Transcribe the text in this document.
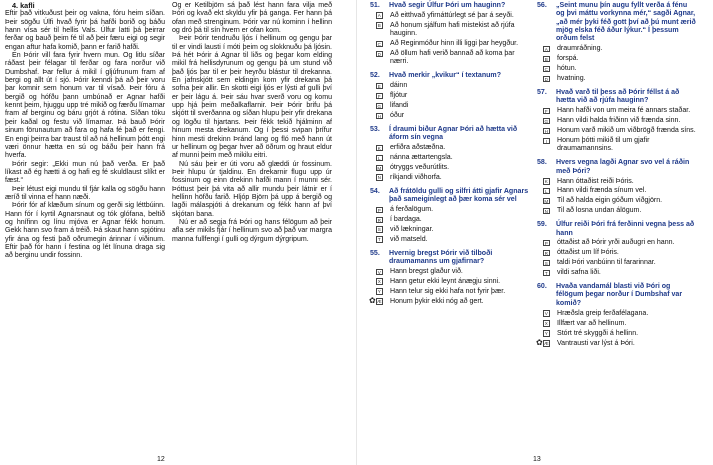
4. kafli

Eftir það vitkuðust þeir og vakna, fóru heim síðan. Þeir sögðu Úlfi hvað fyrir þá hafði borið og báðu hann vísa sér til hellis Vals. Úlfur latti þá þeirrar ferðar og bauð þeim fé til að þeir færu eigi og segir engan aftur hafa komið, þann er farið hafði.

En Þórir vill fara fyrir hvern mun. Og litlu síðar ráðast þeir félagar til ferðar og fara norður við Dumbshaf. Þar fellur á mikil í gljúfrunum fram af bergi og allt út í sjó. Þórir kenndi þá að þeir voru þar komnir sem honum var til vísað. Þeir fóru á bergið og hófðu þann umbúnað er Agnar hafði kennt þeim, hjuggu upp tré mikið og færðu límarnar fram af berginu og báru grjót á rótina. Síðan tóku þeir kaðal og festu við límarnar. Þá bauð Þórir sinum förunautum að fara og hafa fé það er fengi. En engi þeirra bar traust til að ná hellinum þótt engi væri önnur hætta en sú og báðu þeir hann frá hverfa.

Þórir segir: „Ekki mun nú það verða. Er það líkast að ég hætti á og hafi eg fé skuldlaust slíkt er fæst.“

Þeir létust eigi mundu til fjár kalla og sögðu hann æríð til vinna ef hann næði.

Þórir fór af klæðum sínum og gerði sig léttbúinn. Hann fór í kyrtil Agnarsnaut og tók glófana, beltið og hnífinn og línu mjóva er Agnar fékk honum. Gekk hann svo fram á tréið. Þá skaut hann spjótinu yfir ána og festi það oðrumegin árinnar í viðinum. Eftir það fór hann í festina og lét línuna draga sig að berginu undir fossinn.

Og er Ketilbjörn sá það lést hann fara vilja með Þóri og kvað ekt skyldu yfir þá ganga. Fer hann þá ofan með strenginum. Þórir var nú kominn í hellinn og dró þá til sín hvern er ofan kom.

Þeir Þórir tendruðu ljós í hellinum og gengu þar til er vindi lausti í móti þeim og slokknuðu þá ljósin. Þá hét Þórir á Agnar til liðs og þegar kom elding mikil frá hellisdyrunum og gengu þá um stund við það ljós þar til er þeir heyrðu blástur til drekanna. En jafnskjótt sem eldingin kom yfir drekana þá sofna þeir allir. En skotti eigi ljós er lýsti af gulli því er þeir lágu á. Þeir sáu hvar sverð voru og komu upp hjá þeim meðalkaflarnir. Þeir Þórir brifu þá skjótt til sverðanna og síðan hlupu þeir yfir drekana og lögðu til hjartans. Þeir fékk tekið hjálminn af hinum mesta drekanum. Og í þessi svipan þrífur hinn mesti drekinn Þránd lang og fló með hann út ur hellinum og þegar hver að öðrum og hraut eldur af munni þeim með mikilu eitri.

Nú sáu þeir er úti voru að glæddi úr fossinum. Þeir hlupu úr tjaldinu. En drekarnir flugu upp úr fossinum og einn drekinn hafði mann í munni sér. Þóttust þeir þá vita að allir mundu þeir látnir er í hellinn höfðu farið. Hljóp Björn þá upp á bergið og lagði málaspjóti á drekanum og fékk hann af því skjótan bana.

Nú er að segja frá Þóri og hans félögum að þeir afla sér mikils fjár í hellinum svo að það var margra manna fullfengi í gulli og dýrgum dýrgripum.

12
51.	Hvað segir Úlfur Þóri um hauginn?
A	Að eitthvað yfirnáttúrlegt sé þar á seyði.
B	Að honum sjálfum hafi mistekist að rjúfa hauginn.
C	Að Reginmóður hinn illi liggi þar heygður.
D	Að öllum hafi verið bannað að koma þar nærri.
52.	Hvað merkir „kvikur“ í textanum?
E	dáinn
F	fljótur
G	lifandi
H	óður
53.	Í draumi biður Agnar Þóri að hætta við áform sín vegna
K	erfiðra aðstæðna.
L	nánna ættartengsla.
M	ótryggs veðurútlits.
N	ríkjandi viðhorfa.
54.	Að frátöldu gulli og silfri átti gjafir Agnars það sameiginlegt að þær koma sér vel
P	á ferðalögum.
R	í bardaga.
S	við lækningar.
T	við matseld.
55.	Hvernig bregst Þórir við tilboði draumamanns um gjafirnar?
V	Hann bregst glaður við.
X	Hann getur ekki leynt ánægju sinni.
Y	Hann telur sig ekki hafa not fyrir þær.
✿ Æ	Honum þykir ekki nóg að gert.
56.	„Seint munu þín augu fyllt verða á fénu og þvi máttu vorkynna mér,“ sagði Agnar, „að mér þyki féð gott því að þú munt ærið mjög elska féð áður lýkur.“ Í þessum orðum felst
A	draumráðning.
B	forspá.
C	hótun.
D	hvatning.
57.	Hvað varð til þess að Þórir féllst á að hætta við að rjúfa hauginn?
F	Hann hafði von um meira fé annars staðar.
G	Hann vildi halda friðinn við frænda sinn.
H	Honum varð mikið um viðbrögð frænda síns.
I	Honum þótti mikið til um gjafir draumamannsins.
58.	Hvers vegna lagði Agnar svo vel á ráðin með Þóri?
K	Hann óttaðist reiði Þóris.
L	Hann vildi frænda sínum vel.
M	Til að halda eigin góðum viðgjörn.
N	Til að losna undan álögum.
59.	Úlfur reiði Þóri frá ferðinni vegna þess að hann
P	óttaðist að Þórir yrði auðugri en hann.
R	óttaðist um líf Þóris.
S	taldi Þóri vanbúinn til fararinnar.
T	vildi safna liði.
60.	Hvaða vandamál blasti við Þóri og félögum þegar norður í Dumbshaf var komið?
V	Hræðsla greip ferðafélagana.
X	Illfært var að hellinum.
Y	Stórt tré skyggði á hellinn.
✿ Æ	Vantrausti var lýst á Þóri.
13
